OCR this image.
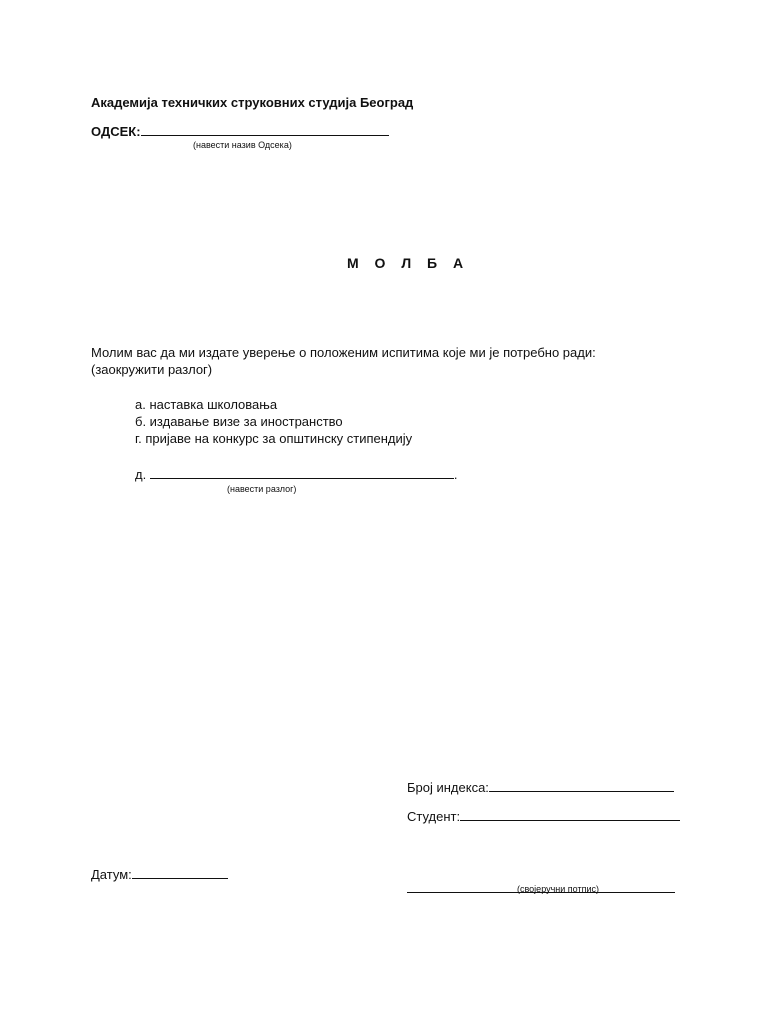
Академија техничких струковних студија Београд
ОДСЕК:
(навести назив Одсека)
М О Л Б А
Молим вас да ми издате уверење о положеним испитима које ми је потребно ради:
(заокружити разлог)
а. наставка школовања
б. издавање визе за иностранство
г. пријаве на конкурс за општинску стипендију
д.	.
(навести разлог)
Број индекса:
Студент:
Датум:
(својеручни потпис)
